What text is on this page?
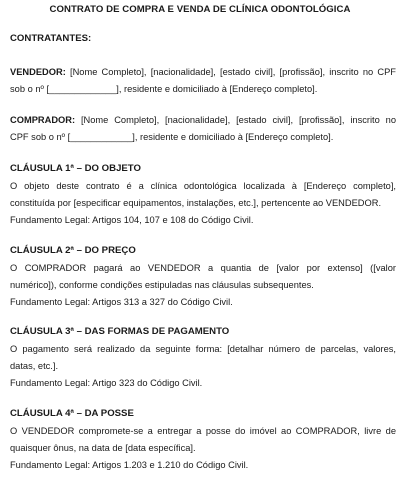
CONTRATO DE COMPRA E VENDA DE CLÍNICA ODONTOLÓGICA
CONTRATANTES:
VENDEDOR: [Nome Completo], [nacionalidade], [estado civil], [profissão], inscrito no CPF
sob o nº [_____________], residente e domiciliado à [Endereço completo].
COMPRADOR: [Nome Completo], [nacionalidade], [estado civil], [profissão], inscrito no
CPF sob o nº [____________], residente e domiciliado à [Endereço completo].
CLÁUSULA 1ª – DO OBJETO
O objeto deste contrato é a clínica odontológica localizada à [Endereço completo],
constituída por [especificar equipamentos, instalações, etc.], pertencente ao VENDEDOR.
Fundamento Legal: Artigos 104, 107 e 108 do Código Civil.
CLÁUSULA 2ª – DO PREÇO
O COMPRADOR pagará ao VENDEDOR a quantia de [valor por extenso] ([valor
numérico]), conforme condições estipuladas nas cláusulas subsequentes.
Fundamento Legal: Artigos 313 a 327 do Código Civil.
CLÁUSULA 3ª – DAS FORMAS DE PAGAMENTO
O pagamento será realizado da seguinte forma: [detalhar número de parcelas, valores,
datas, etc.].
Fundamento Legal: Artigo 323 do Código Civil.
CLÁUSULA 4ª – DA POSSE
O VENDEDOR compromete-se a entregar a posse do imóvel ao COMPRADOR, livre de
quaisquer ônus, na data de [data específica].
Fundamento Legal: Artigos 1.203 e 1.210 do Código Civil.
